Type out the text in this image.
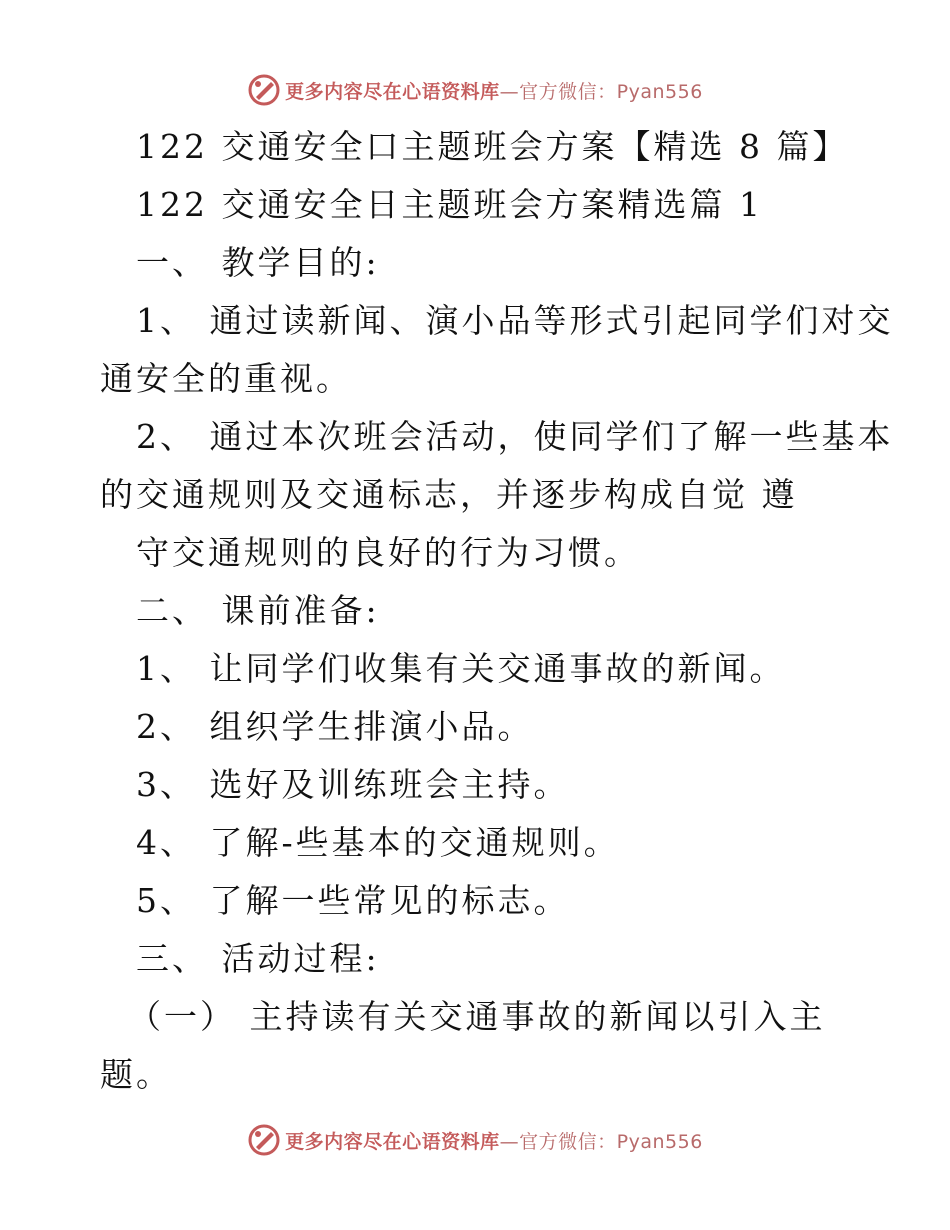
更多内容尽在心语资料库—官方微信：Pyan556
122 交通安全口主题班会方案【精选 8 篇】
122 交通安全日主题班会方案精选篇 1
一、 教学目的:
1、 通过读新闻、演小品等形式引起同学们对交
通安全的重视。
2、 通过本次班会活动，使同学们了解一些基本
的交通规则及交通标志，并逐步构成自觉 遵
守交通规则的良好的行为习惯。
二、 课前准备:
1、 让同学们收集有关交通事故的新闻。
2、 组织学生排演小品。
3、 选好及训练班会主持。
4、 了解-些基本的交通规则。
5、 了解一些常见的标志。
三、 活动过程:
（一） 主持读有关交通事故的新闻以引入主
题。
更多内容尽在心语资料库—官方微信：Pyan556
